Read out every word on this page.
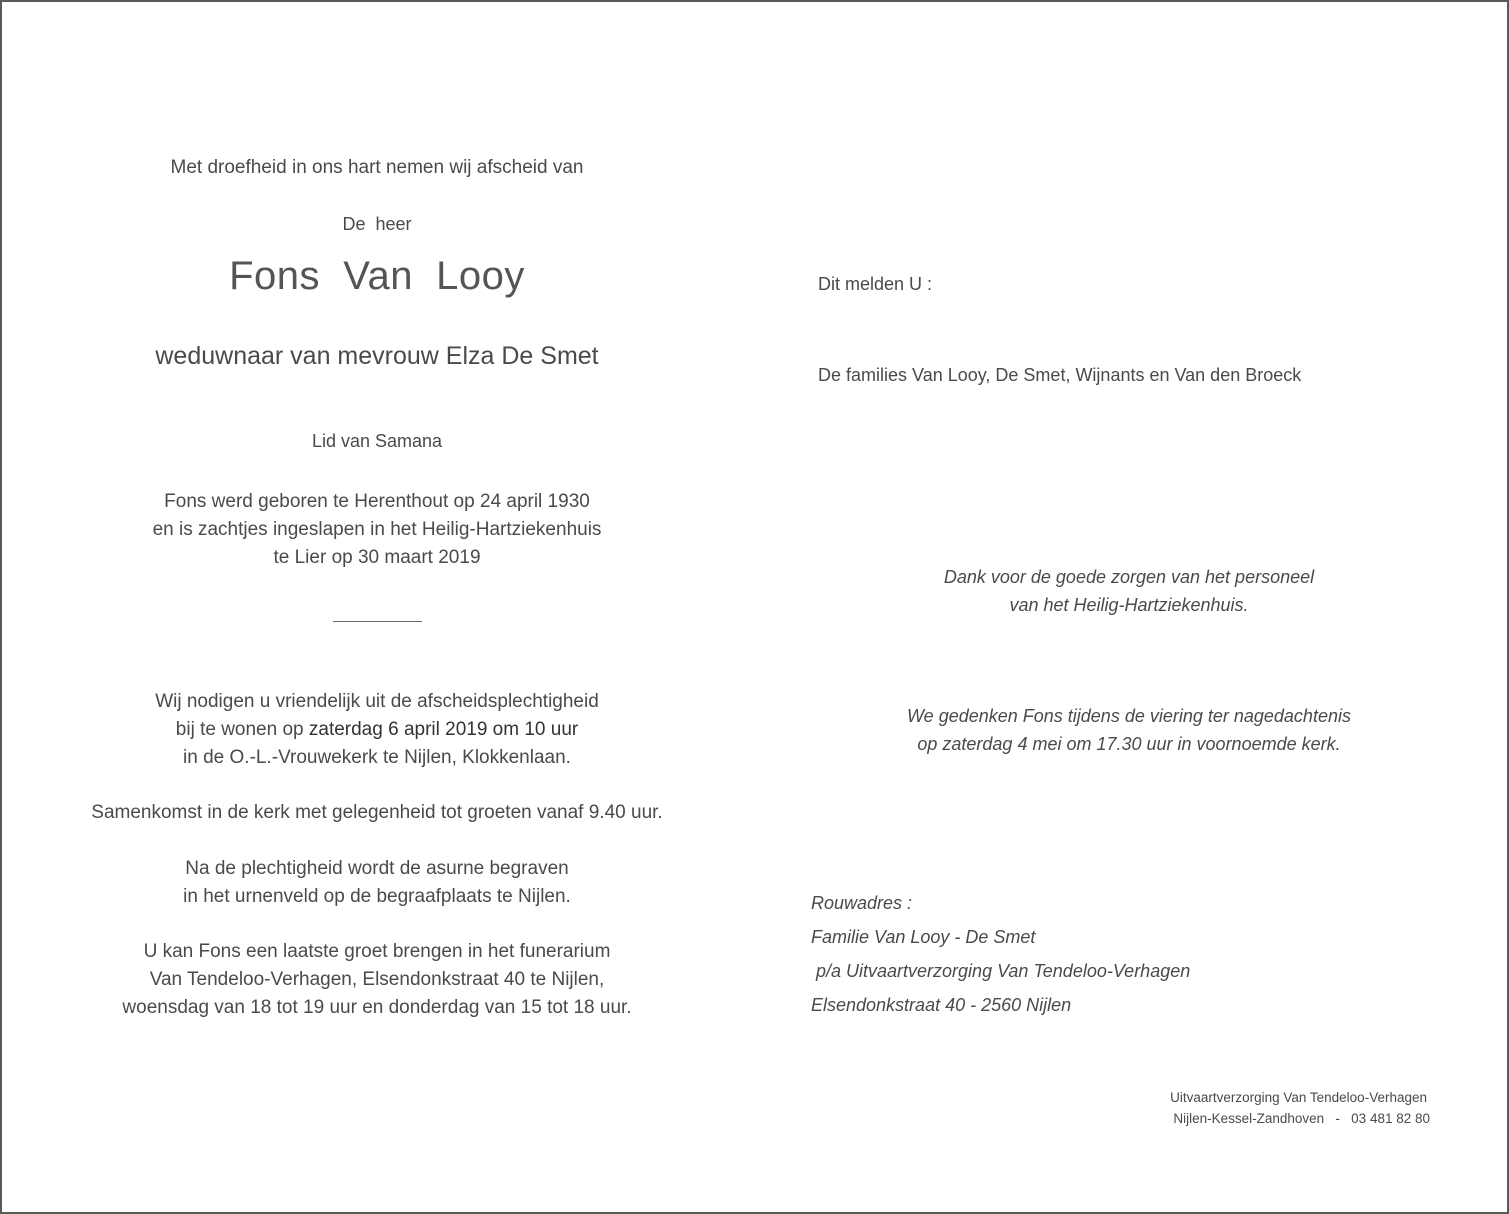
Met droefheid in ons hart nemen wij afscheid van

De  heer

Fons  Van  Looy

weduwnaar van mevrouw Elza De Smet

Lid van Samana

Fons werd geboren te Herenthout op 24 april 1930

en is zachtjes ingeslapen in het Heilig-Hartziekenhuis

te Lier op 30 maart 2019

Wij nodigen u vriendelijk uit de afscheidsplechtigheid

bij te wonen op zaterdag 6 april 2019 om 10 uur

in de O.-L.-Vrouwekerk te Nijlen, Klokkenlaan.

Samenkomst in de kerk met gelegenheid tot groeten vanaf 9.40 uur.

Na de plechtigheid wordt de asurne begraven

in het urnenveld op de begraafplaats te Nijlen.

U kan Fons een laatste groet brengen in het funerarium

Van Tendeloo-Verhagen, Elsendonkstraat 40 te Nijlen,

woensdag van 18 tot 19 uur en donderdag van 15 tot 18 uur.

Dit melden U :

De families Van Looy, De Smet, Wijnants en Van den Broeck

Dank voor de goede zorgen van het personeel

van het Heilig-Hartziekenhuis.

We gedenken Fons tijdens de viering ter nagedachtenis

op zaterdag 4 mei om 17.30 uur in voornoemde kerk.

Rouwadres :

Familie Van Looy - De Smet

p/a Uitvaartverzorging Van Tendeloo-Verhagen

Elsendonkstraat 40 - 2560 Nijlen

Uitvaartverzorging Van Tendeloo-Verhagen

Nijlen-Kessel-Zandhoven   -   03 481 82 80
